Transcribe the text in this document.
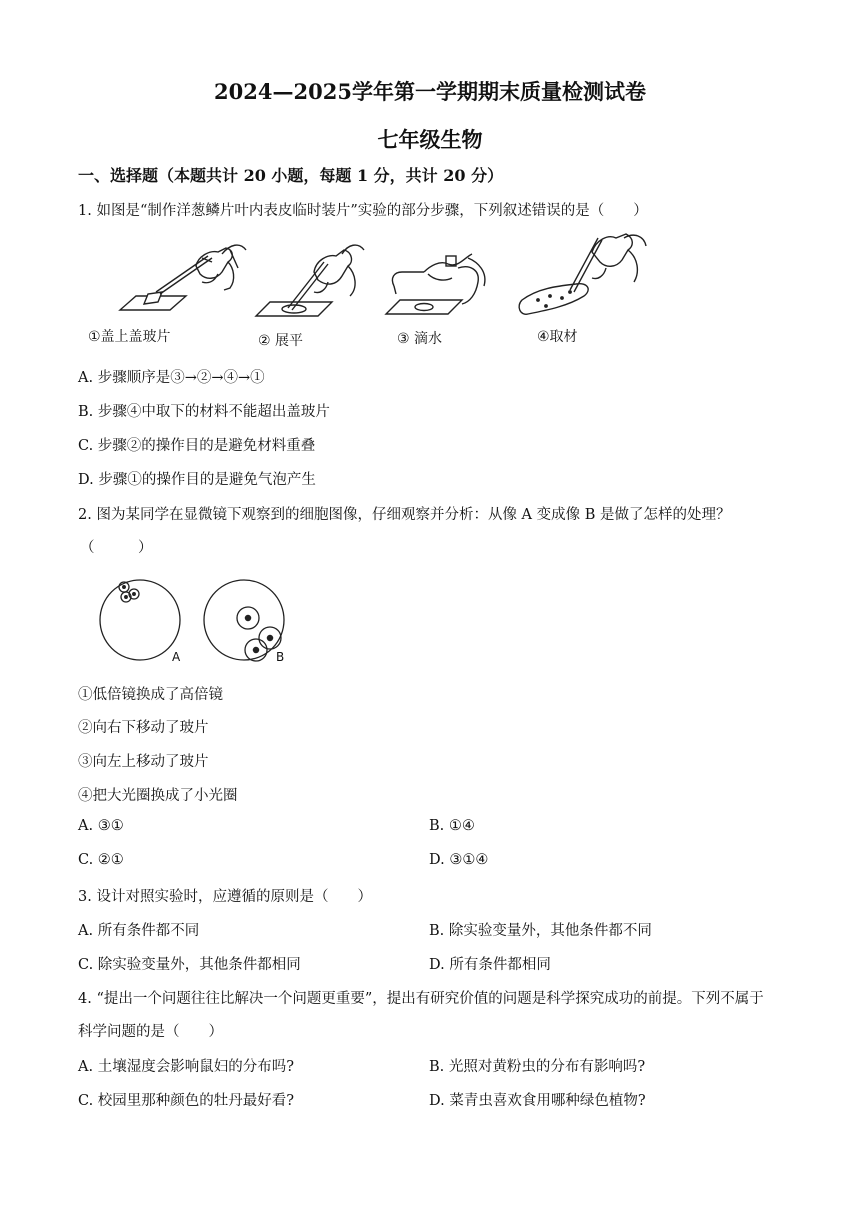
2024—2025学年第一学期期末质量检测试卷
七年级生物
一、选择题（本题共计 20 小题，每题 1 分，共计 20 分）
1. 如图是“制作洋葱鳞片叶内表皮临时装片”实验的部分步骤，下列叙述错误的是（　　）
①盖上盖玻片	② 展平	③ 滴水	④取材
A. 步骤顺序是③→②→④→①
B. 步骤④中取下的材料不能超出盖玻片
C. 步骤②的操作目的是避免材料重叠
D. 步骤①的操作目的是避免气泡产生
2. 图为某同学在显微镜下观察到的细胞图像，仔细观察并分析：从像 A 变成像 B 是做了怎样的处理？
（　　　）
A	B
①低倍镜换成了高倍镜
②向右下移动了玻片
③向左上移动了玻片
④把大光圈换成了小光圈
A. ③①	B. ①④
C. ②①	D. ③①④
3. 设计对照实验时，应遵循的原则是（　　）
A. 所有条件都不同	B. 除实验变量外，其他条件都不同
C. 除实验变量外，其他条件都相同	D. 所有条件都相同
4. “提出一个问题往往比解决一个问题更重要”，提出有研究价值的问题是科学探究成功的前提。下列不属于
科学问题的是（　　）
A. 土壤湿度会影响鼠妇的分布吗?	B. 光照对黄粉虫的分布有影响吗?
C. 校园里那种颜色的牡丹最好看?	D. 菜青虫喜欢食用哪种绿色植物?
